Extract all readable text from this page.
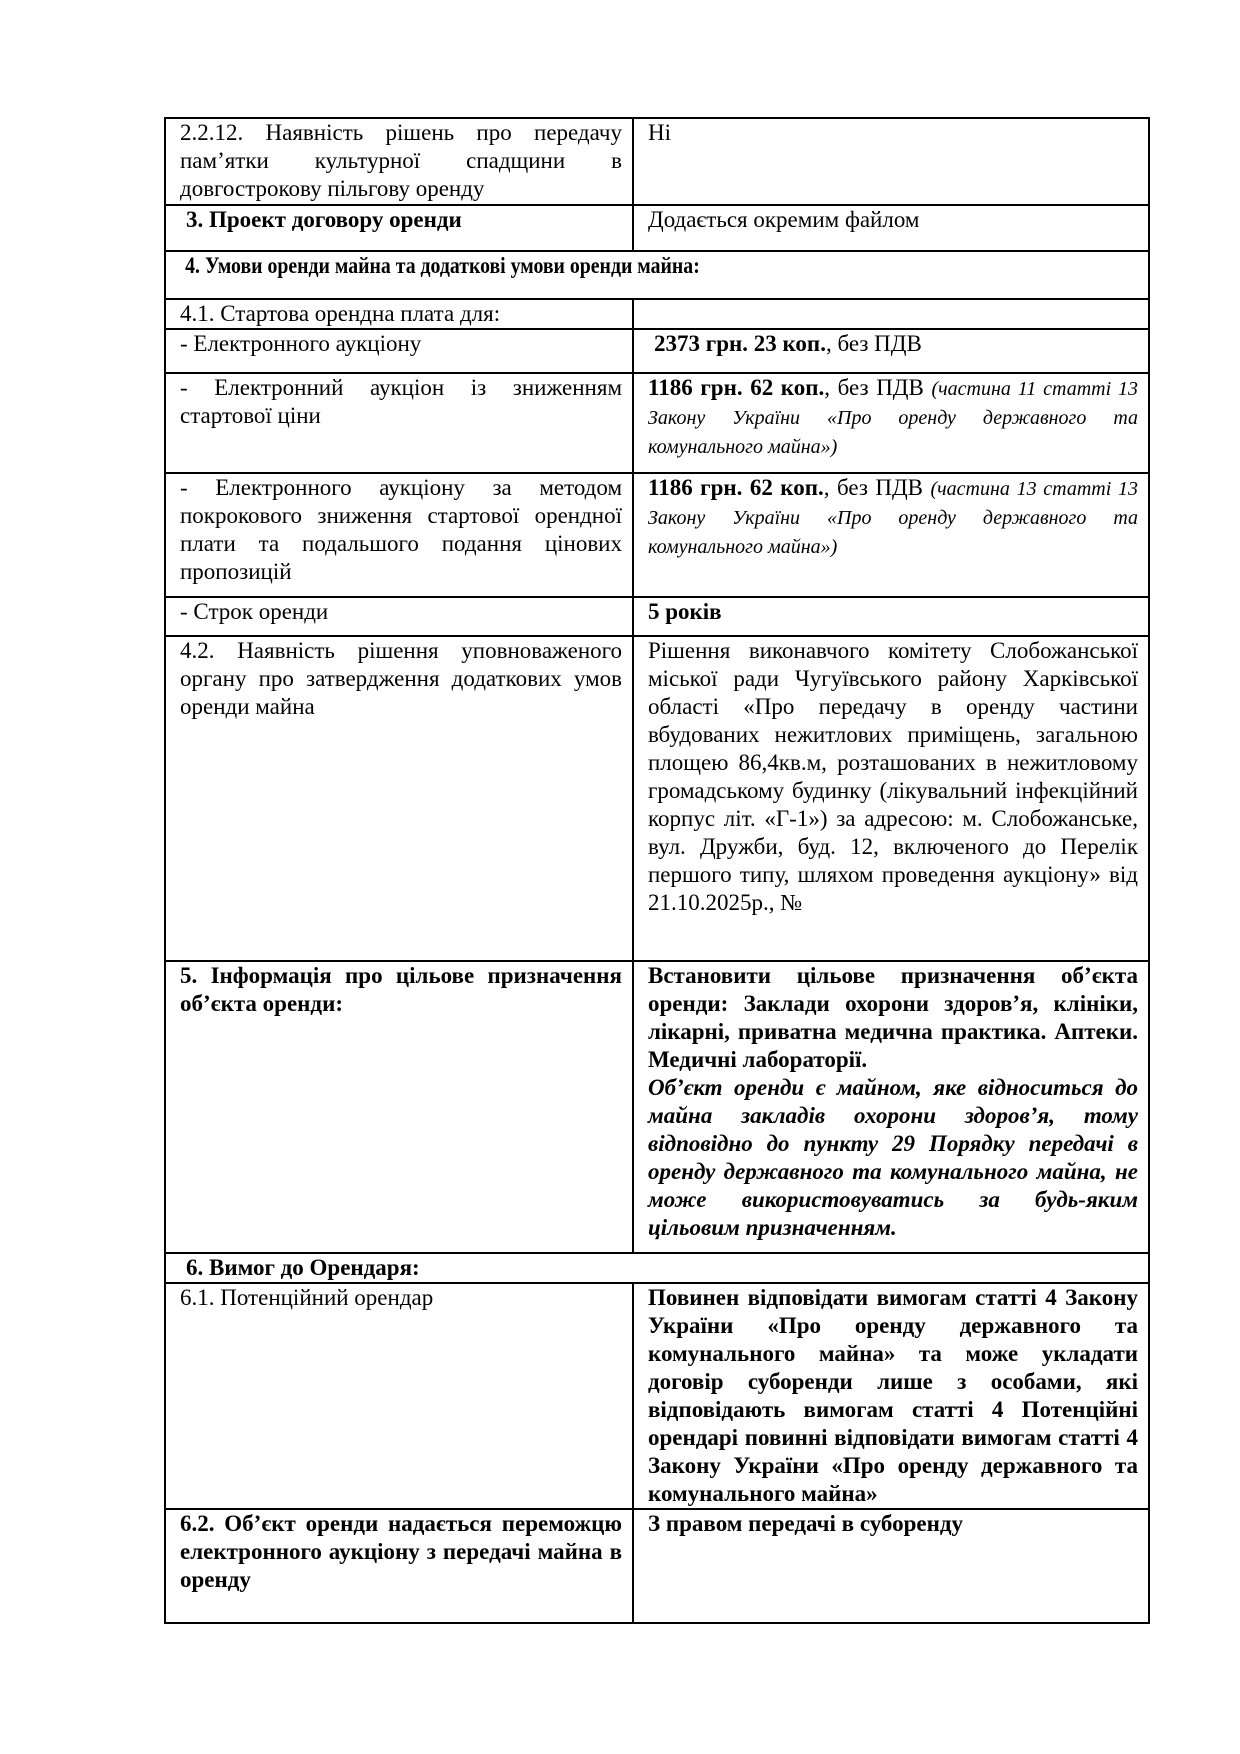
2.2.12. Наявність рішень про передачу пам’ятки культурної спадщини в довгострокову пільгову оренду	Ні
3. Проект договору оренди	Додається окремим файлом
4. Умови оренди майна та додаткові умови оренди майна:	
4.1. Стартова орендна плата для:	
- Електронного аукціону	2373 грн. 23 коп., без ПДВ
- Електронний аукціон із зниженням стартової ціни	1186 грн. 62 коп., без ПДВ (частина 11 статті 13 Закону України «Про оренду державного та комунального майна»)
- Електронного аукціону за методом покрокового зниження стартової орендної плати та подальшого подання цінових пропозицій	1186 грн. 62 коп., без ПДВ (частина 13 статті 13 Закону України «Про оренду державного та комунального майна»)
- Строк оренди	5 років
4.2. Наявність рішення уповноваженого органу про затвердження додаткових умов оренди майна	Рішення виконавчого комітету Слобожанської міської ради Чугуївського району Харківської області «Про передачу в оренду частини вбудованих нежитлових приміщень, загальною площею 86,4кв.м, розташованих в нежитловому громадському будинку (лікувальний інфекційний корпус літ. «Г-1») за адресою: м. Слобожанське, вул. Дружби, буд. 12, включеного до Перелік першого типу, шляхом проведення аукціону» від 21.10.2025р., №
5. Інформація про цільове призначення об’єкта оренди:	Встановити цільове призначення об’єкта оренди: Заклади охорони здоров’я, клініки, лікарні, приватна медична практика. Аптеки. Медичні лабораторії.
Об’єкт оренди є майном, яке відноситься до майна закладів охорони здоров’я, тому відповідно до пункту 29 Порядку передачі в оренду державного та комунального майна, не може використовуватись за будь-яким цільовим призначенням.

6. Вимог до Орендаря:	
6.1. Потенційний орендар	Повинен відповідати вимогам статті 4 Закону України «Про оренду державного та комунального майна» та може укладати договір суборенди лише з особами, які відповідають вимогам статті 4 Потенційні орендарі повинні відповідати вимогам статті 4 Закону України «Про оренду державного та комунального майна»
6.2. Об’єкт оренди надається переможцю електронного аукціону з передачі майна в оренду	З правом передачі в суборенду
